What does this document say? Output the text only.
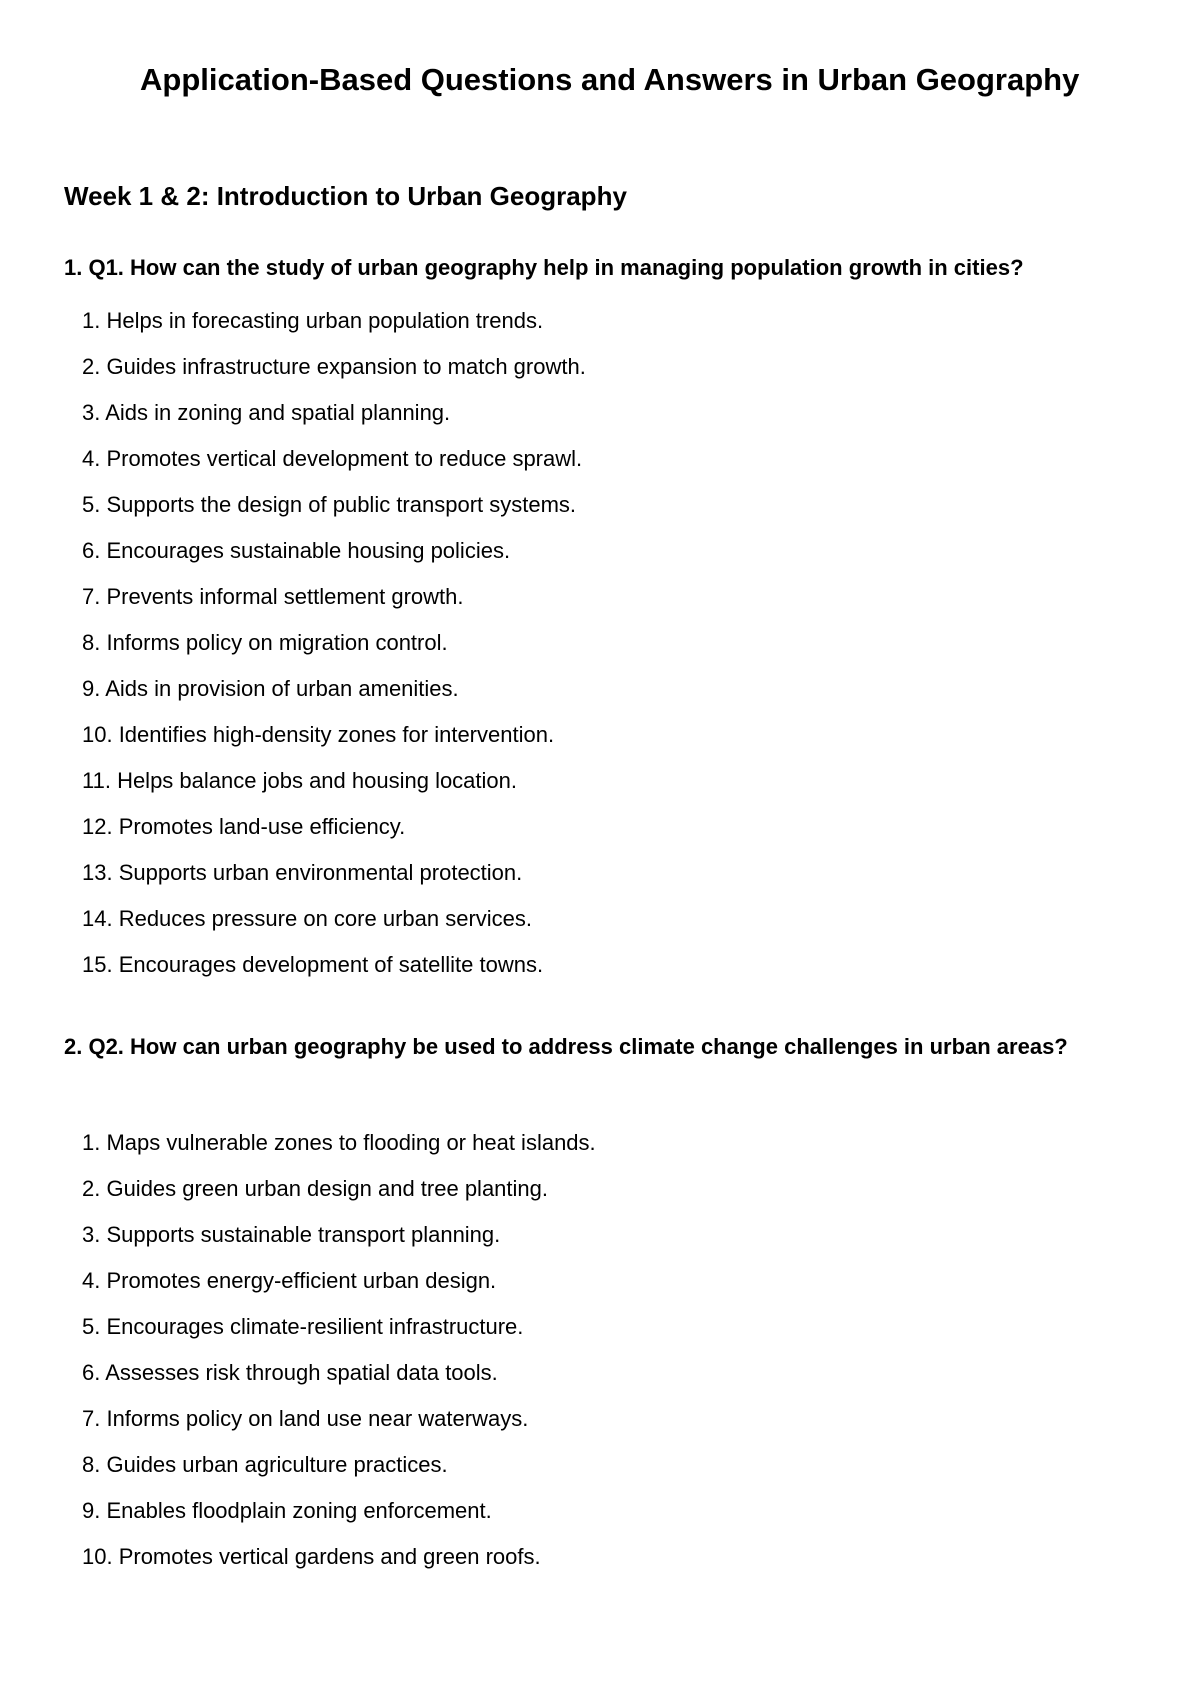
Application-Based Questions and Answers in Urban Geography
Week 1 & 2: Introduction to Urban Geography

1. Q1. How can the study of urban geography help in managing population growth in cities?

1. Helps in forecasting urban population trends.
2. Guides infrastructure expansion to match growth.
3. Aids in zoning and spatial planning.
4. Promotes vertical development to reduce sprawl.
5. Supports the design of public transport systems.
6. Encourages sustainable housing policies.
7. Prevents informal settlement growth.
8. Informs policy on migration control.
9. Aids in provision of urban amenities.
10. Identifies high-density zones for intervention.
11. Helps balance jobs and housing location.
12. Promotes land-use efficiency.
13. Supports urban environmental protection.
14. Reduces pressure on core urban services.
15. Encourages development of satellite towns.

2. Q2. How can urban geography be used to address climate change challenges in urban areas?

1. Maps vulnerable zones to flooding or heat islands.
2. Guides green urban design and tree planting.
3. Supports sustainable transport planning.
4. Promotes energy-efficient urban design.
5. Encourages climate-resilient infrastructure.
6. Assesses risk through spatial data tools.
7. Informs policy on land use near waterways.
8. Guides urban agriculture practices.
9. Enables floodplain zoning enforcement.
10. Promotes vertical gardens and green roofs.
